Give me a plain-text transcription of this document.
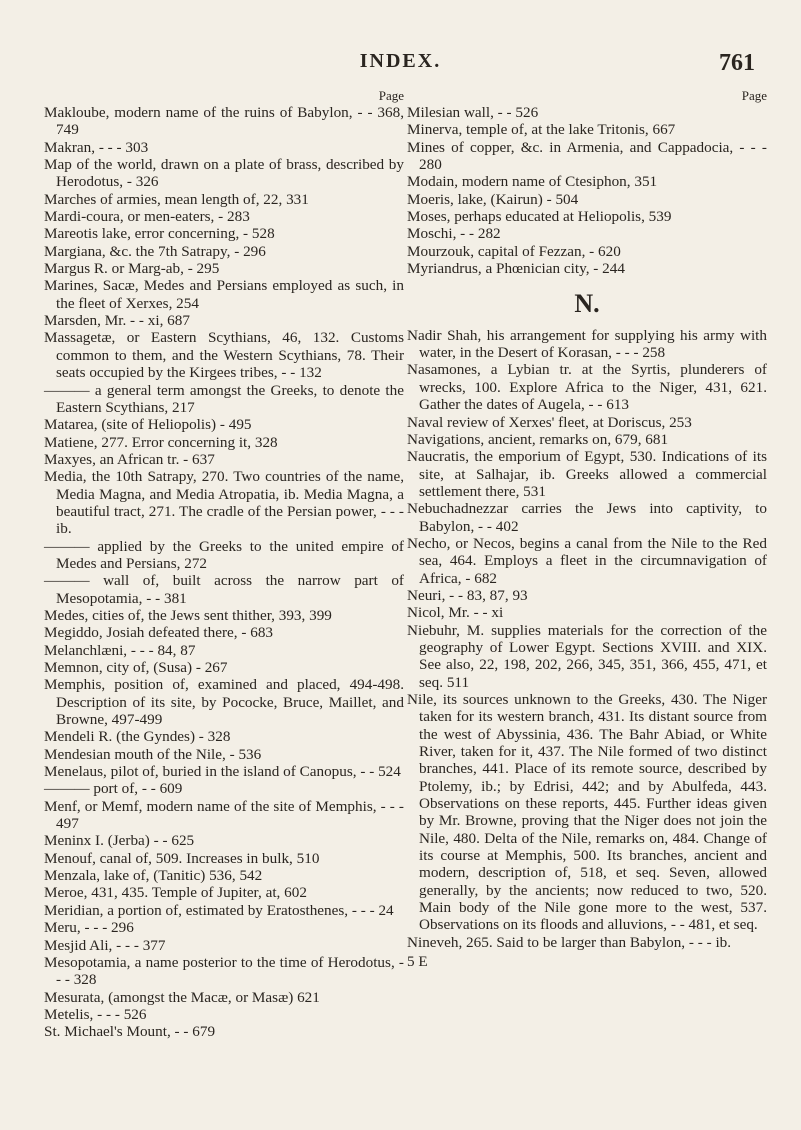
INDEX.	761
Page
Makloube, modern name of the ruins of Babylon, - - 368, 749
Makran, - - - 303
Map of the world, drawn on a plate of brass, described by Herodotus, - 326
Marches of armies, mean length of, 22, 331
Mardi-coura, or men-eaters, - 283
Mareotis lake, error concerning, - 528
Margiana, &c. the 7th Satrapy, - 296
Margus R. or Marg-ab, - 295
Marines, Sacæ, Medes and Persians employed as such, in the fleet of Xerxes, 254
Marsden, Mr. - - xi, 687
Massagetæ, or Eastern Scythians, 46, 132. Customs common to them, and the Western Scythians, 78. Their seats occupied by the Kirgees tribes, - - 132
——— a general term amongst the Greeks, to denote the Eastern Scythians, 217
Matarea, (site of Heliopolis) - 495
Matiene, 277. Error concerning it, 328
Maxyes, an African tr. - 637
Media, the 10th Satrapy, 270. Two countries of the name, Media Magna, and Media Atropatia, ib. Media Magna, a beautiful tract, 271. The cradle of the Persian power, - - - ib.
——— applied by the Greeks to the united empire of Medes and Persians, 272
——— wall of, built across the narrow part of Mesopotamia, - - 381
Medes, cities of, the Jews sent thither, 393, 399
Megiddo, Josiah defeated there, - 683
Melanchlæni, - - - 84, 87
Memnon, city of, (Susa) - 267
Memphis, position of, examined and placed, 494-498. Description of its site, by Pococke, Bruce, Maillet, and Browne, 497-499
Mendeli R. (the Gyndes) - 328
Mendesian mouth of the Nile, - 536
Menelaus, pilot of, buried in the island of Canopus, - - 524
——— port of, - - 609
Menf, or Memf, modern name of the site of Memphis, - - - 497
Meninx I. (Jerba) - - 625
Menouf, canal of, 509. Increases in bulk, 510
Menzala, lake of, (Tanitic) 536, 542
Meroe, 431, 435. Temple of Jupiter, at, 602
Meridian, a portion of, estimated by Eratosthenes, - - - 24
Meru, - - - 296
Mesjid Ali, - - - 377
Mesopotamia, a name posterior to the time of Herodotus, - - - 328
Mesurata, (amongst the Macæ, or Masæ) 621
Metelis, - - - 526
St. Michael's Mount, - - 679
Page
Milesian wall, - - 526
Minerva, temple of, at the lake Tritonis, 667
Mines of copper, &c. in Armenia, and Cappadocia, - - - 280
Modain, modern name of Ctesiphon, 351
Moeris, lake, (Kairun) - 504
Moses, perhaps educated at Heliopolis, 539
Moschi, - - 282
Mourzouk, capital of Fezzan, - 620
Myriandrus, a Phœnician city, - 244
N.
Nadir Shah, his arrangement for supplying his army with water, in the Desert of Korasan, - - - 258
Nasamones, a Lybian tr. at the Syrtis, plunderers of wrecks, 100. Explore Africa to the Niger, 431, 621. Gather the dates of Augela, - - 613
Naval review of Xerxes' fleet, at Doriscus, 253
Navigations, ancient, remarks on, 679, 681
Naucratis, the emporium of Egypt, 530. Indications of its site, at Salhajar, ib. Greeks allowed a commercial settlement there, 531
Nebuchadnezzar carries the Jews into captivity, to Babylon, - - 402
Necho, or Necos, begins a canal from the Nile to the Red sea, 464. Employs a fleet in the circumnavigation of Africa, - 682
Neuri, - - 83, 87, 93
Nicol, Mr. - - xi
Niebuhr, M. supplies materials for the correction of the geography of Lower Egypt. Sections XVIII. and XIX. See also, 22, 198, 202, 266, 345, 351, 366, 455, 471, et seq. 511
Nile, its sources unknown to the Greeks, 430. The Niger taken for its western branch, 431. Its distant source from the west of Abyssinia, 436. The Bahr Abiad, or White River, taken for it, 437. The Nile formed of two distinct branches, 441. Place of its remote source, described by Ptolemy, ib.; by Edrisi, 442; and by Abulfeda, 443. Observations on these reports, 445. Further ideas given by Mr. Browne, proving that the Niger does not join the Nile, 480. Delta of the Nile, remarks on, 484. Change of its course at Memphis, 500. Its branches, ancient and modern, description of, 518, et seq. Seven, allowed generally, by the ancients; now reduced to two, 520. Main body of the Nile gone more to the west, 537. Observations on its floods and alluvions, - - 481, et seq.
Nineveh, 265. Said to be larger than Babylon, - - - ib.
5 E
